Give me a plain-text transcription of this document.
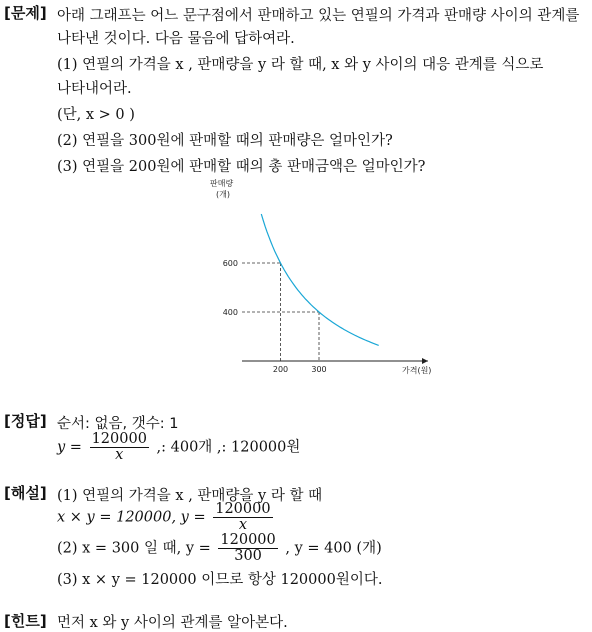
[문제] 아래 그래프는 어느 문구점에서 판매하고 있는 연필의 가격과 판매량 사이의 관계를
나타낸 것이다. 다음 물음에 답하여라.
(1) 연필의 가격을 x , 판매량을 y 라 할 때, x 와 y 사이의 대응 관계를 식으로
나타내어라.
(단, x > 0 )
(2) 연필을 300원에 판매할 때의 판매량은 얼마인가?
(3) 연필을 200원에 판매할 때의 총 판매금액은 얼마인가?
200	300
400
600
판매량
(개)
가격(원)
[정답] 순서: 없음, 갯수: 1
$y = \frac{120000}{x}$ ,: 400개 ,: 120000원
[해설] (1) 연필의 가격을 x , 판매량을 y 라 할 때
x × y = 120000, $y = \frac{120000}{x}$
(2) x = 300 일 때, $y = \frac{120000}{300}$ , y = 400 (개)
(3) x × y = 120000 이므로 항상 120000원이다.
[힌트] 먼저 x 와 y 사이의 관계를 알아본다.
